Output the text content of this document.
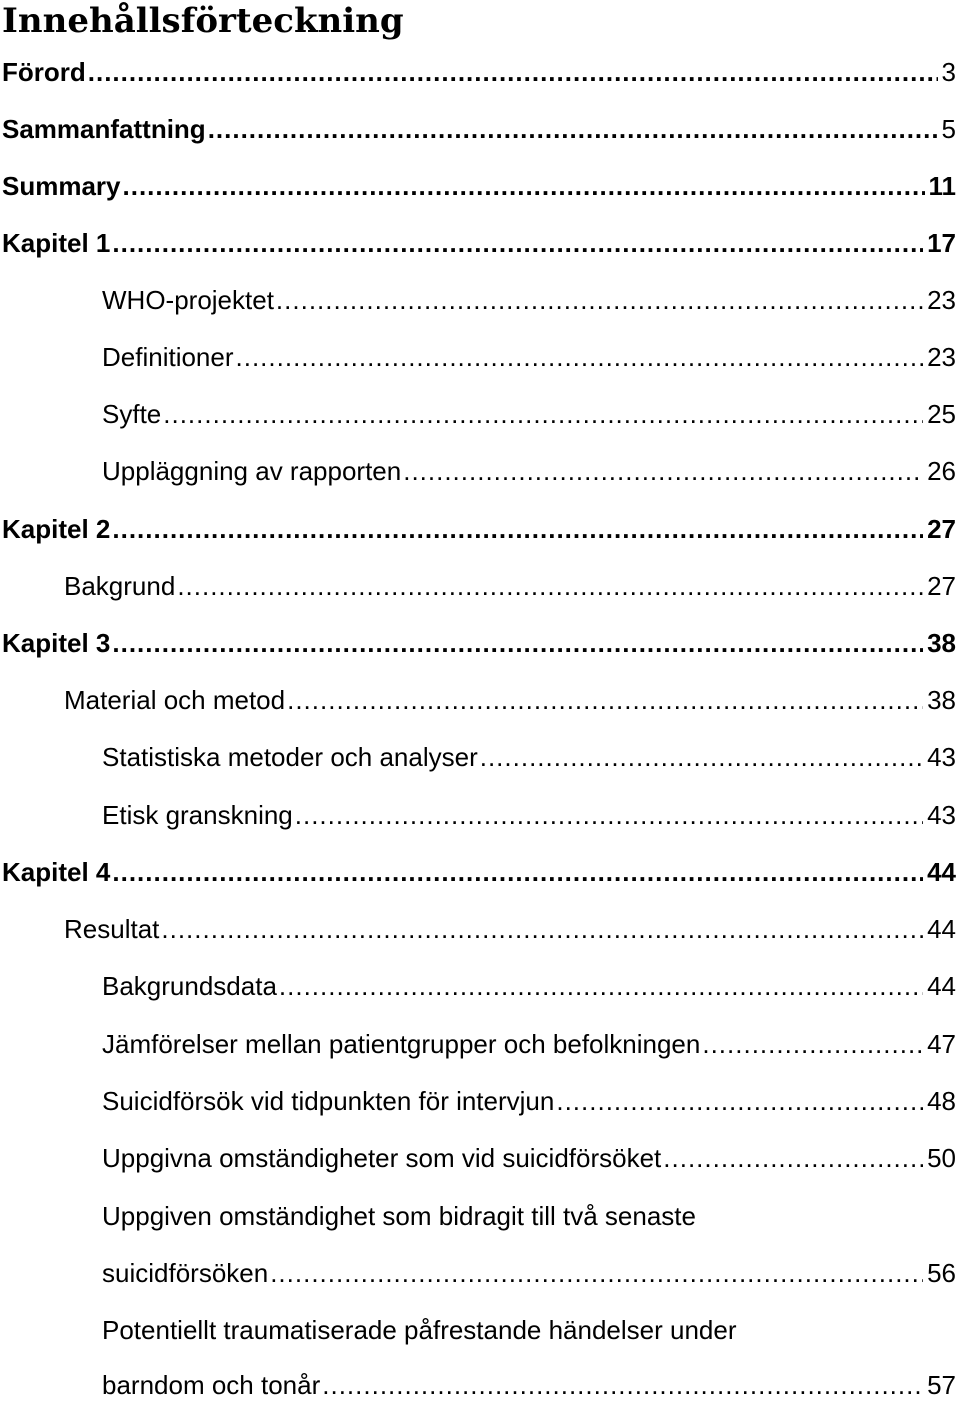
Innehållsförteckning
Förord .....	3
Sammanfattning .....	5
Summary .....	11
Kapitel 1 .....	17
WHO-projektet .....	23
Definitioner .....	23
Syfte .....	25
Uppläggning av rapporten .....	26
Kapitel 2 .....	27
Bakgrund .....	27
Kapitel 3 .....	38
Material och metod .....	38
Statistiska metoder och analyser .....	43
Etisk granskning .....	43
Kapitel 4 .....	44
Resultat .....	44
Bakgrundsdata .....	44
Jämförelser mellan patientgrupper och befolkningen .....	47
Suicidförsök vid tidpunkten för intervjun .....	48
Uppgivna omständigheter som vid suicidförsöket .....	50
Uppgiven omständighet som bidragit till två senaste
suicidförsöken .....	56
Potentiellt traumatiserade påfrestande händelser under
barndom och tonår .....	57
